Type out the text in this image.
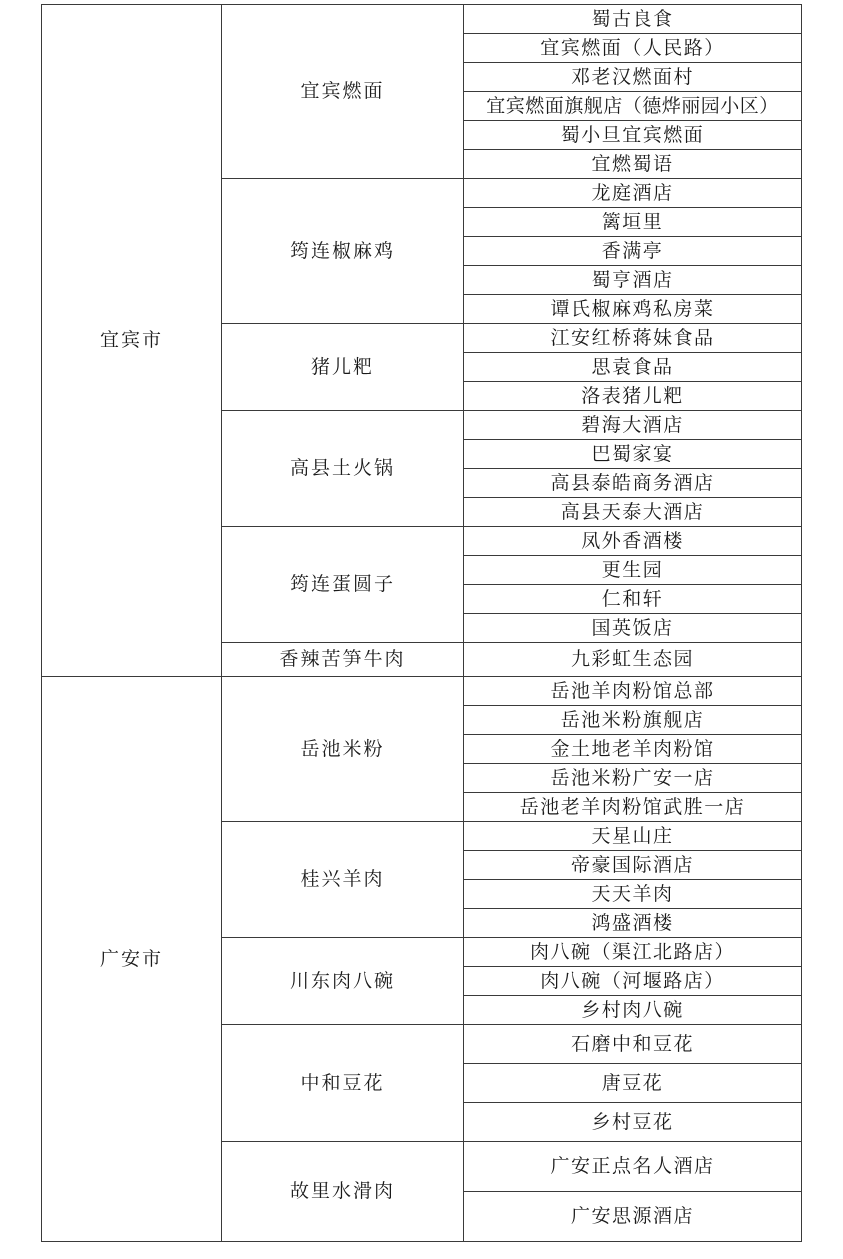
宜宾市	宜宾燃面	蜀古良食
		宜宾燃面（人民路）
		邓老汉燃面村
		宜宾燃面旗舰店（德烨丽园小区）
		蜀小旦宜宾燃面
		宜燃蜀语
	筠连椒麻鸡	龙庭酒店
		篱垣里
		香满亭
		蜀亨酒店
		谭氏椒麻鸡私房菜
	猪儿粑	江安红桥蒋妹食品
		思袁食品
		洛表猪儿粑
	高县土火锅	碧海大酒店
		巴蜀家宴
		高县泰皓商务酒店
		高县天泰大酒店
	筠连蛋圆子	凤外香酒楼
		更生园
		仁和轩
		国英饭店
	香辣苦笋牛肉	九彩虹生态园
广安市	岳池米粉	岳池羊肉粉馆总部
		岳池米粉旗舰店
		金土地老羊肉粉馆
		岳池米粉广安一店
		岳池老羊肉粉馆武胜一店
	桂兴羊肉	天星山庄
		帝豪国际酒店
		天天羊肉
		鸿盛酒楼
	川东肉八碗	肉八碗（渠江北路店）
		肉八碗（河堰路店）
		乡村肉八碗
	中和豆花	石磨中和豆花
		唐豆花
		乡村豆花
	故里水滑肉	广安正点名人酒店
		广安思源酒店
